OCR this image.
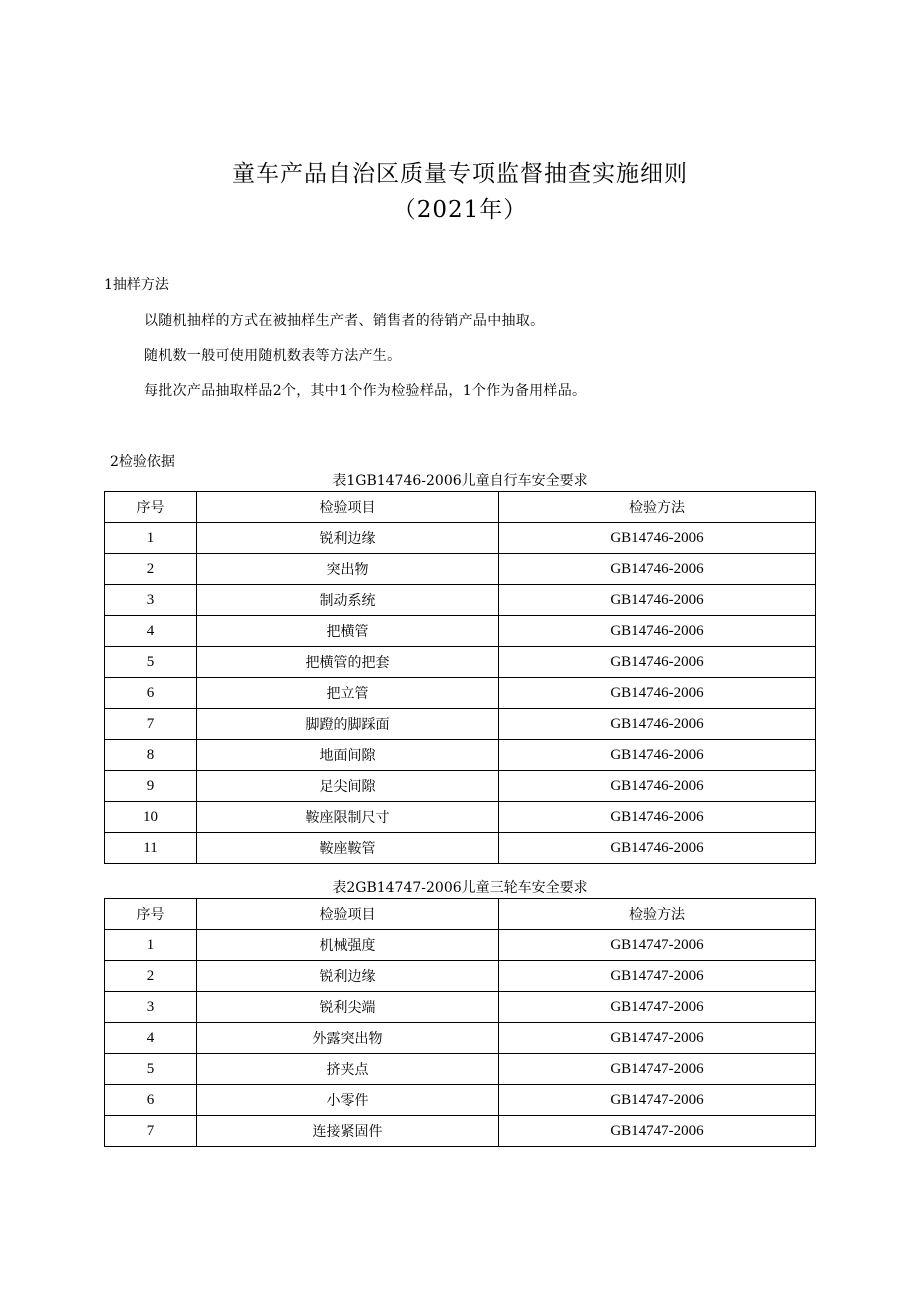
童车产品自治区质量专项监督抽查实施细则
（2021年）
1抽样方法
以随机抽样的方式在被抽样生产者、销售者的待销产品中抽取。
随机数一般可使用随机数表等方法产生。
每批次产品抽取样品2个，其中1个作为检验样品，1个作为备用样品。
2检验依据
表1GB14746-2006儿童自行车安全要求
序号	检验项目	检验方法
1	锐利边缘	GB14746-2006
2	突出物	GB14746-2006
3	制动系统	GB14746-2006
4	把横管	GB14746-2006
5	把横管的把套	GB14746-2006
6	把立管	GB14746-2006
7	脚蹬的脚踩面	GB14746-2006
8	地面间隙	GB14746-2006
9	足尖间隙	GB14746-2006
10	鞍座限制尺寸	GB14746-2006
11	鞍座鞍管	GB14746-2006
表2GB14747-2006儿童三轮车安全要求
序号	检验项目	检验方法
1	机械强度	GB14747-2006
2	锐利边缘	GB14747-2006
3	锐利尖端	GB14747-2006
4	外露突出物	GB14747-2006
5	挤夹点	GB14747-2006
6	小零件	GB14747-2006
7	连接紧固件	GB14747-2006
